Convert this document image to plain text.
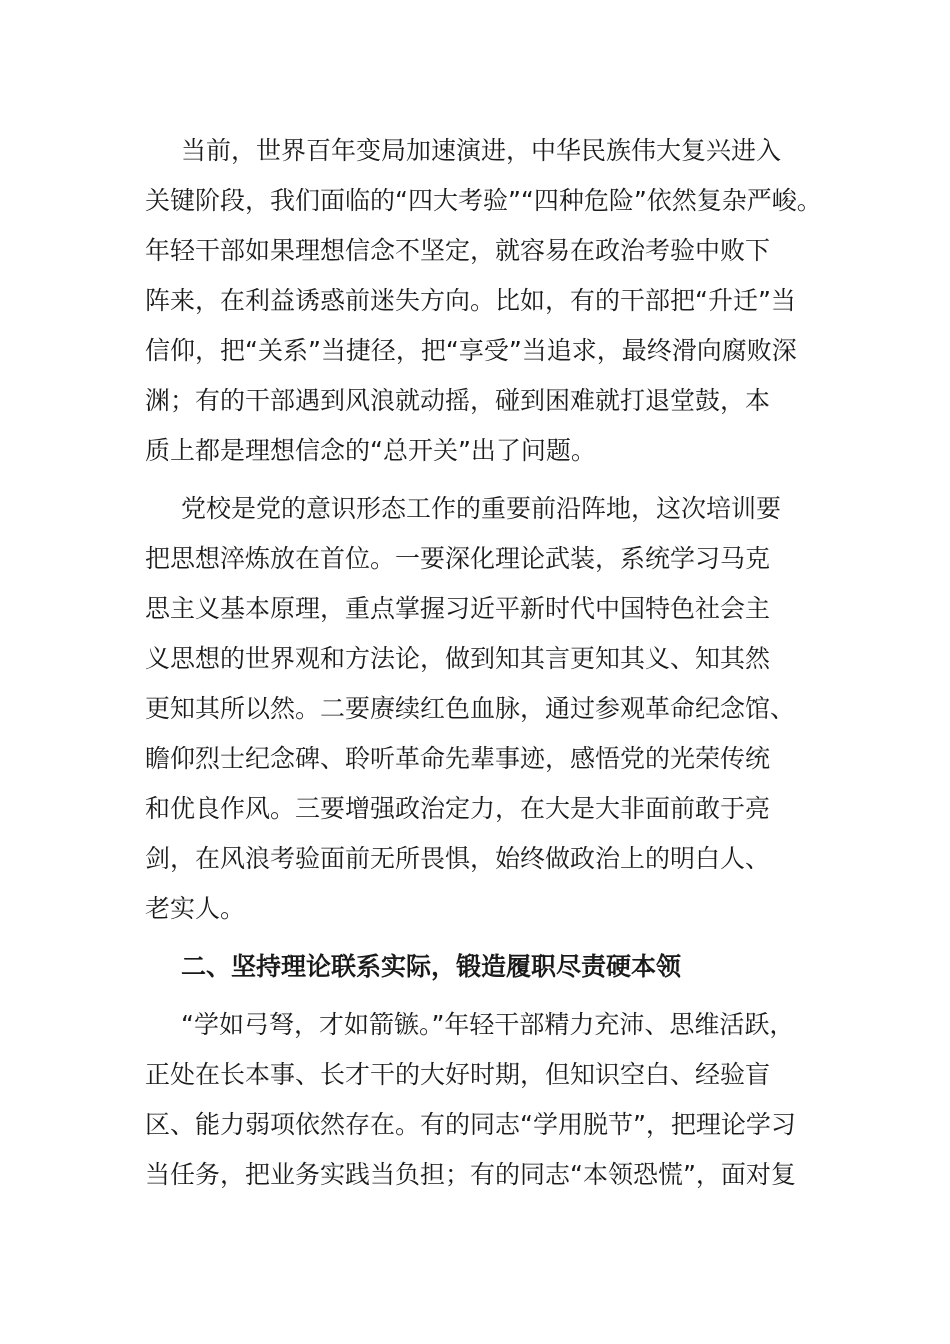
当前，世界百年变局加速演进，中华民族伟大复兴进入
关键阶段，我们面临的“四大考验”“四种危险”依然复杂严峻。
年轻干部如果理想信念不坚定，就容易在政治考验中败下
阵来，在利益诱惑前迷失方向。比如，有的干部把“升迁”当
信仰，把“关系”当捷径，把“享受”当追求，最终滑向腐败深
渊；有的干部遇到风浪就动摇，碰到困难就打退堂鼓，本
质上都是理想信念的“总开关”出了问题。
党校是党的意识形态工作的重要前沿阵地，这次培训要
把思想淬炼放在首位。一要深化理论武装，系统学习马克
思主义基本原理，重点掌握习近平新时代中国特色社会主
义思想的世界观和方法论，做到知其言更知其义、知其然
更知其所以然。二要赓续红色血脉，通过参观革命纪念馆、
瞻仰烈士纪念碑、聆听革命先辈事迹，感悟党的光荣传统
和优良作风。三要增强政治定力，在大是大非面前敢于亮
剑，在风浪考验面前无所畏惧，始终做政治上的明白人、
老实人。
二、坚持理论联系实际，锻造履职尽责硬本领
“学如弓弩，才如箭镞。”年轻干部精力充沛、思维活跃，
正处在长本事、长才干的大好时期，但知识空白、经验盲
区、能力弱项依然存在。有的同志“学用脱节”，把理论学习
当任务，把业务实践当负担；有的同志“本领恐慌”，面对复
